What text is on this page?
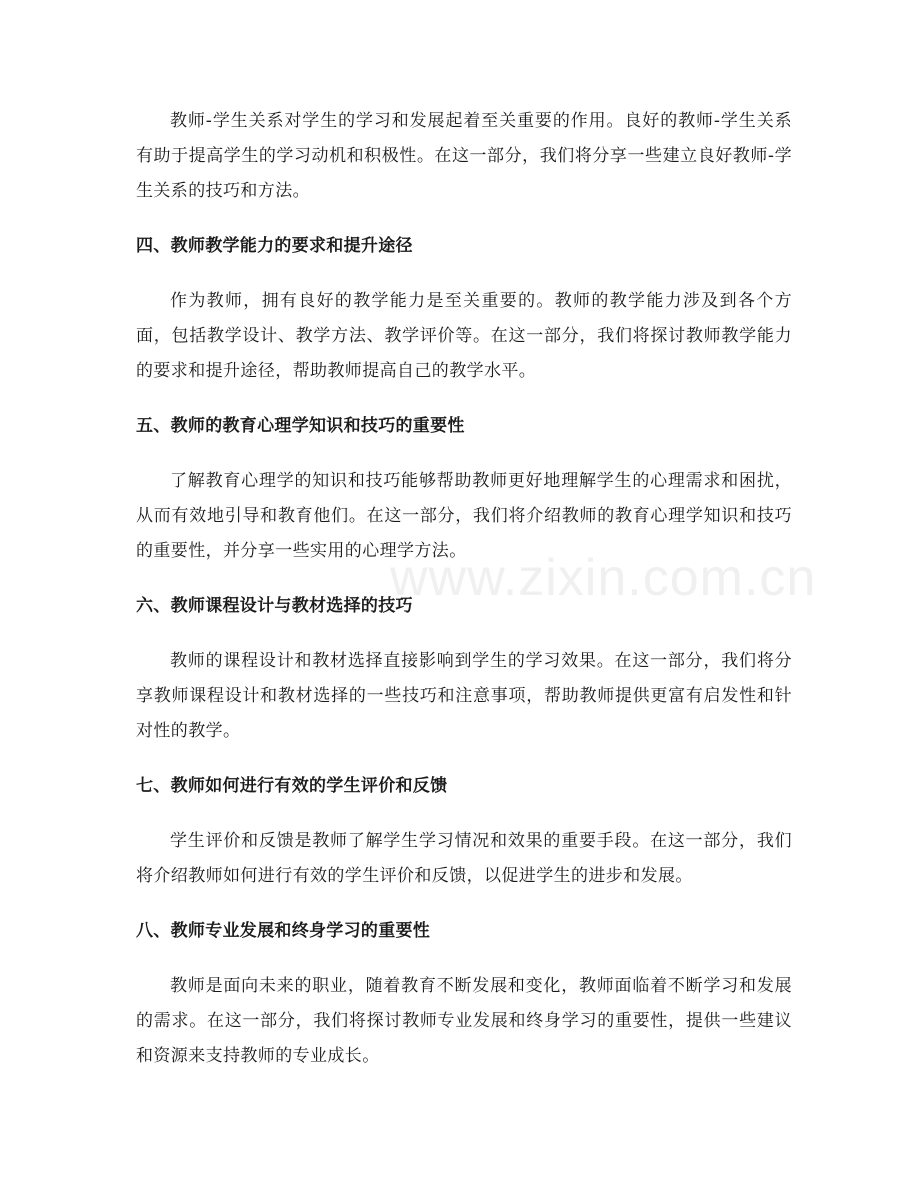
www.zixin.com.cn

教师-学生关系对学生的学习和发展起着至关重要的作用。良好的教师-学生关系有助于提高学生的学习动机和积极性。在这一部分，我们将分享一些建立良好教师-学生关系的技巧和方法。

四、教师教学能力的要求和提升途径

作为教师，拥有良好的教学能力是至关重要的。教师的教学能力涉及到各个方面，包括教学设计、教学方法、教学评价等。在这一部分，我们将探讨教师教学能力的要求和提升途径，帮助教师提高自己的教学水平。

五、教师的教育心理学知识和技巧的重要性

了解教育心理学的知识和技巧能够帮助教师更好地理解学生的心理需求和困扰，从而有效地引导和教育他们。在这一部分，我们将介绍教师的教育心理学知识和技巧的重要性，并分享一些实用的心理学方法。

六、教师课程设计与教材选择的技巧

教师的课程设计和教材选择直接影响到学生的学习效果。在这一部分，我们将分享教师课程设计和教材选择的一些技巧和注意事项，帮助教师提供更富有启发性和针对性的教学。

七、教师如何进行有效的学生评价和反馈

学生评价和反馈是教师了解学生学习情况和效果的重要手段。在这一部分，我们将介绍教师如何进行有效的学生评价和反馈，以促进学生的进步和发展。

八、教师专业发展和终身学习的重要性

教师是面向未来的职业，随着教育不断发展和变化，教师面临着不断学习和发展的需求。在这一部分，我们将探讨教师专业发展和终身学习的重要性，提供一些建议和资源来支持教师的专业成长。
